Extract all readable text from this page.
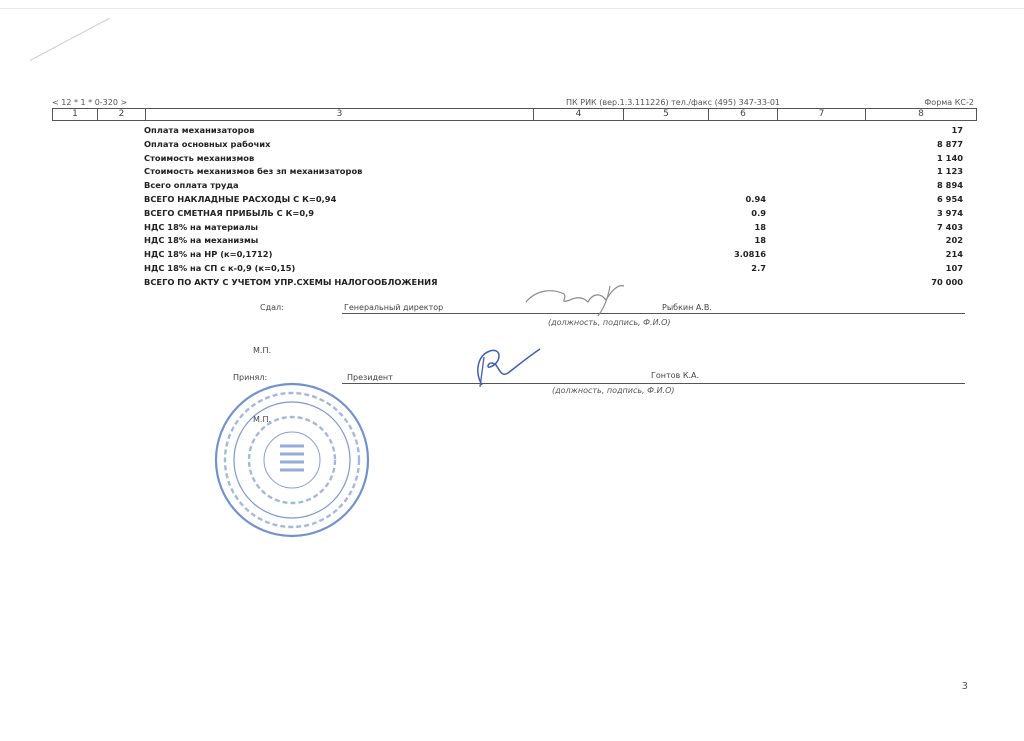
< 12 * 1 * 0-320 >	ПК РИК (вер.1.3.111226) тел./факс (495) 347-33-01	Форма КС-2
1	2	3	4	5	6	7	8
Оплата механизаторов	17
Оплата основных рабочих	8 877
Стоимость механизмов	1 140
Стоимость механизмов без зп механизаторов	1 123
Всего оплата труда	8 894
ВСЕГО НАКЛАДНЫЕ РАСХОДЫ С К=0,94	0.94	6 954
ВСЕГО СМЕТНАЯ ПРИБЫЛЬ С К=0,9	0.9	3 974
НДС 18% на материалы	18	7 403
НДС 18% на механизмы	18	202
НДС 18% на НР (к=0,1712)	3.0816	214
НДС 18% на СП с к-0,9 (к=0,15)	2.7	107
ВСЕГО ПО АКТУ С УЧЕТОМ УПР.СХЕМЫ НАЛОГООБЛОЖЕНИЯ	70 000
Сдал:	Генеральный директор	Рыбкин А.В.
(должность, подпись, Ф.И.О)
М.П.
Принял:	Президент	Гонтов К.А.
(должность, подпись, Ф.И.О)
М.П.
3
